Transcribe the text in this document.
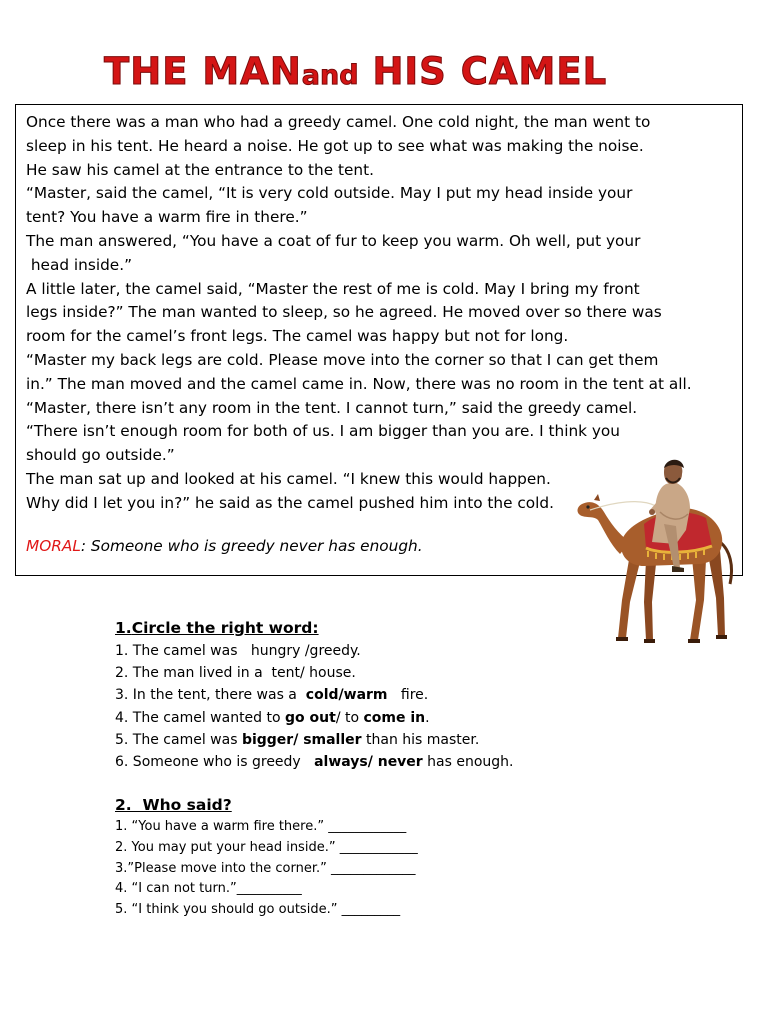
THE MANand HIS CAMEL

Once there was a man who had a greedy camel. One cold night, the man went to

sleep in his tent. He heard a noise. He got up to see what was making the noise.

He saw his camel at the entrance to the tent.

“Master, said the camel, “It is very cold outside. May I put my head inside your

tent? You have a warm fire in there.”

The man answered, “You have a coat of fur to keep you warm. Oh well, put your

head inside.”

A little later, the camel said, “Master the rest of me is cold. May I bring my front

legs inside?” The man wanted to sleep, so he agreed. He moved over so there was

room for the camel’s front legs. The camel was happy but not for long.

“Master my back legs are cold. Please move into the corner so that I can get them

in.” The man moved and the camel came in. Now, there was no room in the tent at all.

“Master, there isn’t any room in the tent. I cannot turn,” said the greedy camel.

“There isn’t enough room for both of us. I am bigger than you are. I think you

should go outside.”

The man sat up and looked at his camel. “I knew this would happen.

Why did I let you in?” he said as the camel pushed him into the cold.

MORAL: Someone who is greedy never has enough.
1.Circle the right word:
1. The camel was   hungry /greedy.
2. The man lived in a  tent/ house.
3. In the tent, there was a  cold/warm   fire.
4. The camel wanted to go out/ to come in.
5. The camel was bigger/ smaller than his master.
6. Someone who is greedy   always/ never has enough.
2.  Who said?
1. “You have a warm fire there.” ____________
2. You may put your head inside.” ____________
3.”Please move into the corner.” _____________
4. “I can not turn.”__________
5. “I think you should go outside.” _________
